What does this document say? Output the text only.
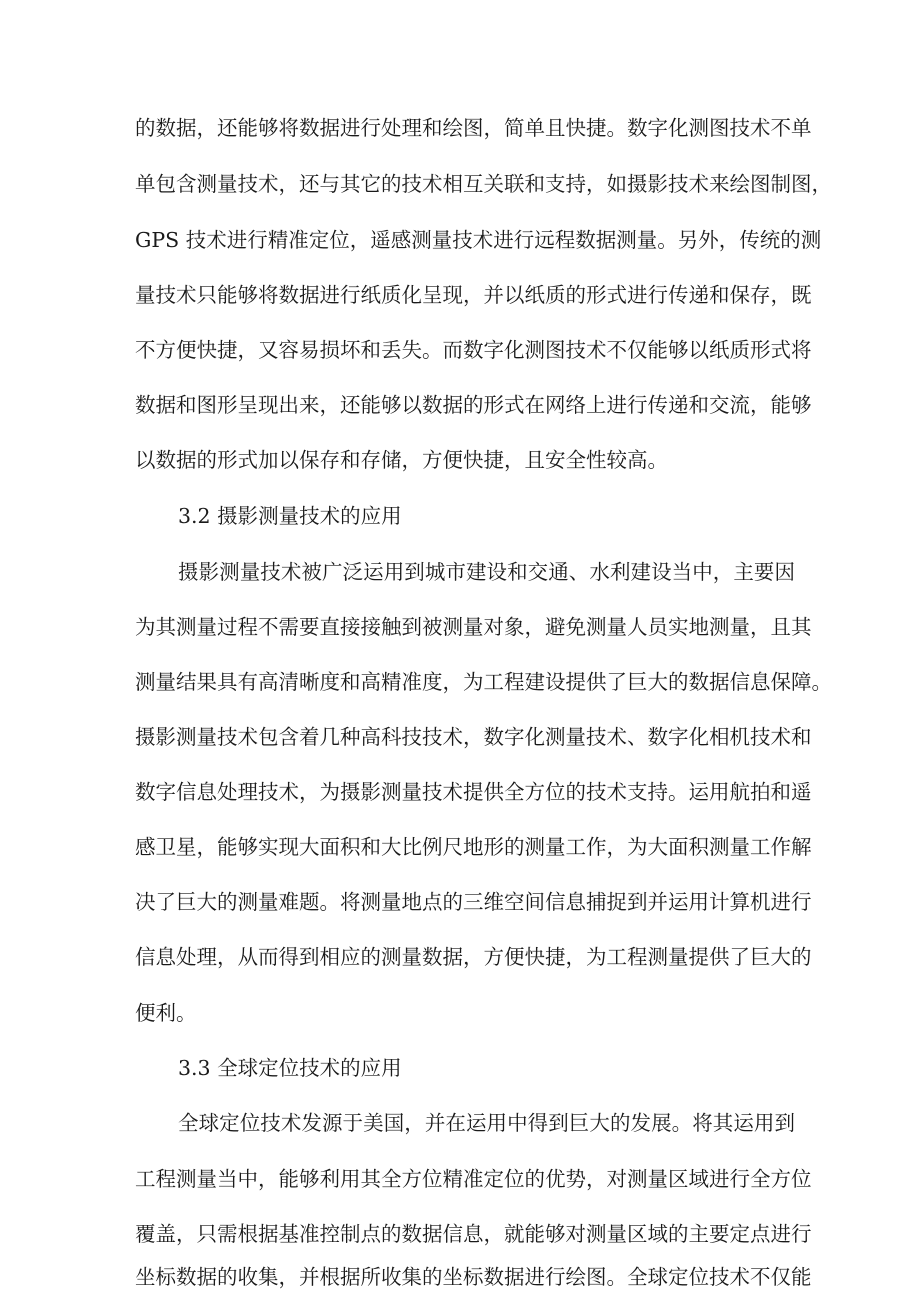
的数据，还能够将数据进行处理和绘图，简单且快捷。数字化测图技术不单
单包含测量技术，还与其它的技术相互关联和支持，如摄影技术来绘图制图，
GPS 技术进行精准定位，遥感测量技术进行远程数据测量。另外，传统的测
量技术只能够将数据进行纸质化呈现，并以纸质的形式进行传递和保存，既
不方便快捷，又容易损坏和丢失。而数字化测图技术不仅能够以纸质形式将
数据和图形呈现出来，还能够以数据的形式在网络上进行传递和交流，能够
以数据的形式加以保存和存储，方便快捷，且安全性较高。
3.2 摄影测量技术的应用
摄影测量技术被广泛运用到城市建设和交通、水利建设当中，主要因
为其测量过程不需要直接接触到被测量对象，避免测量人员实地测量，且其
测量结果具有高清晰度和高精准度，为工程建设提供了巨大的数据信息保障。
摄影测量技术包含着几种高科技技术，数字化测量技术、数字化相机技术和
数字信息处理技术，为摄影测量技术提供全方位的技术支持。运用航拍和遥
感卫星，能够实现大面积和大比例尺地形的测量工作，为大面积测量工作解
决了巨大的测量难题。将测量地点的三维空间信息捕捉到并运用计算机进行
信息处理，从而得到相应的测量数据，方便快捷，为工程测量提供了巨大的
便利。
3.3 全球定位技术的应用
全球定位技术发源于美国，并在运用中得到巨大的发展。将其运用到
工程测量当中，能够利用其全方位精准定位的优势，对测量区域进行全方位
覆盖，只需根据基准控制点的数据信息，就能够对测量区域的主要定点进行
坐标数据的收集，并根据所收集的坐标数据进行绘图。全球定位技术不仅能
